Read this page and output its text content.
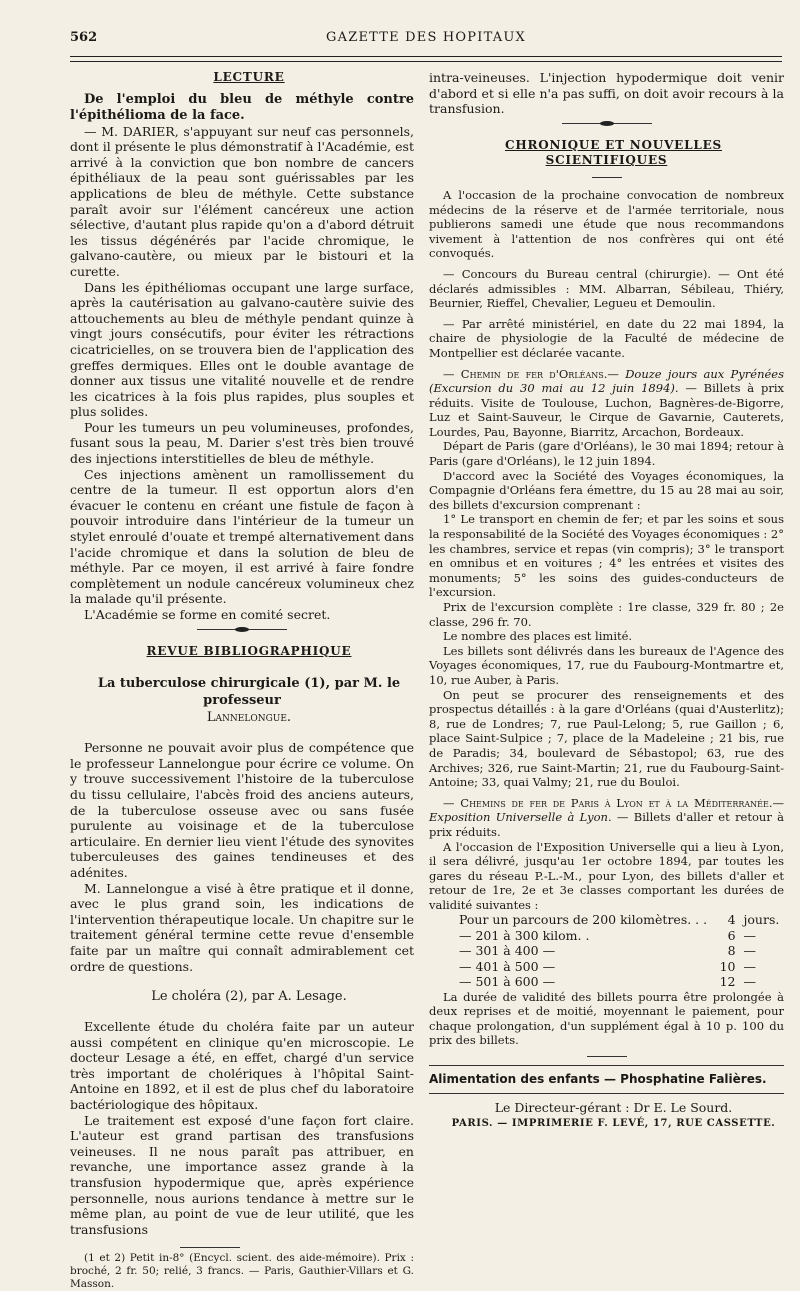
562	GAZETTE DES HOPITAUX

LECTURE

De l'emploi du bleu de méthyle contre l'épithélioma de la face.

— M. DARIER, s'appuyant sur neuf cas personnels, dont il présente le plus démonstratif à l'Académie, est arrivé à la conviction que bon nombre de cancers épithéliaux de la peau sont guérissables par les applications de bleu de méthyle. Cette substance paraît avoir sur l'élément cancéreux une action sélective, d'autant plus rapide qu'on a d'abord détruit les tissus dégénérés par l'acide chromique, le galvano-cautère, ou mieux par le bistouri et la curette.

Dans les épithéliomas occupant une large surface, après la cautérisation au galvano-cautère suivie des attouchements au bleu de méthyle pendant quinze à vingt jours consécutifs, pour éviter les rétractions cicatricielles, on se trouvera bien de l'application des greffes dermiques. Elles ont le double avantage de donner aux tissus une vitalité nouvelle et de rendre les cicatrices à la fois plus rapides, plus souples et plus solides.

Pour les tumeurs un peu volumineuses, profondes, fusant sous la peau, M. Darier s'est très bien trouvé des injections interstitielles de bleu de méthyle.

Ces injections amènent un ramollissement du centre de la tumeur. Il est opportun alors d'en évacuer le contenu en créant une fistule de façon à pouvoir introduire dans l'intérieur de la tumeur un stylet enroulé d'ouate et trempé alternativement dans l'acide chromique et dans la solution de bleu de méthyle. Par ce moyen, il est arrivé à faire fondre complètement un nodule cancéreux volumineux chez la malade qu'il présente.

L'Académie se forme en comité secret.

REVUE BIBLIOGRAPHIQUE

La tuberculose chirurgicale (1), par M. le professeur

Lannelongue.

Personne ne pouvait avoir plus de compétence que le professeur Lannelongue pour écrire ce volume. On y trouve successivement l'histoire de la tuberculose du tissu cellulaire, l'abcès froid des anciens auteurs, de la tuberculose osseuse avec ou sans fusée purulente au voisinage et de la tuberculose articulaire. En dernier lieu vient l'étude des synovites tuberculeuses des gaines tendineuses et des adénites.

M. Lannelongue a visé à être pratique et il donne, avec le plus grand soin, les indications de l'intervention thérapeutique locale. Un chapitre sur le traitement général termine cette revue d'ensemble faite par un maître qui connaît admirablement cet ordre de questions.

Le choléra (2), par A. Lesage.

Excellente étude du choléra faite par un auteur aussi compétent en clinique qu'en microscopie. Le docteur Lesage a été, en effet, chargé d'un service très important de cholériques à l'hôpital Saint-Antoine en 1892, et il est de plus chef du laboratoire bactériologique des hôpitaux.

Le traitement est exposé d'une façon fort claire. L'auteur est grand partisan des transfusions veineuses. Il ne nous paraît pas attribuer, en revanche, une importance assez grande à la transfusion hypodermique que, après expérience personnelle, nous aurions tendance à mettre sur le même plan, au point de vue de leur utilité, que les transfusions

(1 et 2) Petit in-8° (Encycl. scient. des aide-mémoire). Prix : broché, 2 fr. 50; relié, 3 francs. — Paris, Gauthier-Villars et G. Masson.

intra-veineuses. L'injection hypodermique doit venir d'abord et si elle n'a pas suffi, on doit avoir recours à la transfusion.

CHRONIQUE ET NOUVELLES SCIENTIFIQUES

A l'occasion de la prochaine convocation de nombreux médecins de la réserve et de l'armée territoriale, nous publierons samedi une étude que nous recommandons vivement à l'attention de nos confrères qui ont été convoqués.

— Concours du Bureau central (chirurgie). — Ont été déclarés admissibles : MM. Albarran, Sébileau, Thiéry, Beurnier, Rieffel, Chevalier, Legueu et Demoulin.

— Par arrêté ministériel, en date du 22 mai 1894, la chaire de physiologie de la Faculté de médecine de Montpellier est déclarée vacante.

— Chemin de fer d'Orléans.— Douze jours aux Pyrénées (Excursion du 30 mai au 12 juin 1894). — Billets à prix réduits. Visite de Toulouse, Luchon, Bagnères-de-Bigorre, Luz et Saint-Sauveur, le Cirque de Gavarnie, Cauterets, Lourdes, Pau, Bayonne, Biarritz, Arcachon, Bordeaux.

Départ de Paris (gare d'Orléans), le 30 mai 1894; retour à Paris (gare d'Orléans), le 12 juin 1894.

D'accord avec la Société des Voyages économiques, la Compagnie d'Orléans fera émettre, du 15 au 28 mai au soir, des billets d'excursion comprenant :

1° Le transport en chemin de fer; et par les soins et sous la responsabilité de la Société des Voyages économiques : 2° les chambres, service et repas (vin compris); 3° le transport en omnibus et en voitures ; 4° les entrées et visites des monuments; 5° les soins des guides-conducteurs de l'excursion.

Prix de l'excursion complète : 1re classe, 329 fr. 80 ; 2e classe, 296 fr. 70.

Le nombre des places est limité.

Les billets sont délivrés dans les bureaux de l'Agence des Voyages économiques, 17, rue du Faubourg-Montmartre et, 10, rue Auber, à Paris.

On peut se procurer des renseignements et des prospectus détaillés : à la gare d'Orléans (quai d'Austerlitz); 8, rue de Londres; 7, rue Paul-Lelong; 5, rue Gaillon ; 6, place Saint-Sulpice ; 7, place de la Madeleine ; 21 bis, rue de Paradis; 34, boulevard de Sébastopol; 63, rue des Archives; 326, rue Saint-Martin; 21, rue du Faubourg-Saint-Antoine; 33, quai Valmy; 21, rue du Bouloi.

— Chemins de fer de Paris à Lyon et à la Méditerranée.— Exposition Universelle à Lyon. — Billets d'aller et retour à prix réduits.

A l'occasion de l'Exposition Universelle qui a lieu à Lyon, il sera délivré, jusqu'au 1er octobre 1894, par toutes les gares du réseau P.-L.-M., pour Lyon, des billets d'aller et retour de 1re, 2e et 3e classes comportant les durées de validité suivantes :

Pour un parcours de 200 kilomètres. . .	4	jours.
— 201 à 300 kilom. .	6	—
— 301 à 400 —	8	—
— 401 à 500 —	10	—
— 501 à 600 —	12	—

La durée de validité des billets pourra être prolongée à deux reprises et de moitié, moyennant le paiement, pour chaque prolongation, d'un supplément égal à 10 p. 100 du prix des billets.

Alimentation des enfants — Phosphatine Falières.

Le Directeur-gérant : Dr E. Le Sourd.

PARIS. — IMPRIMERIE F. LEVÉ, 17, RUE CASSETTE.
